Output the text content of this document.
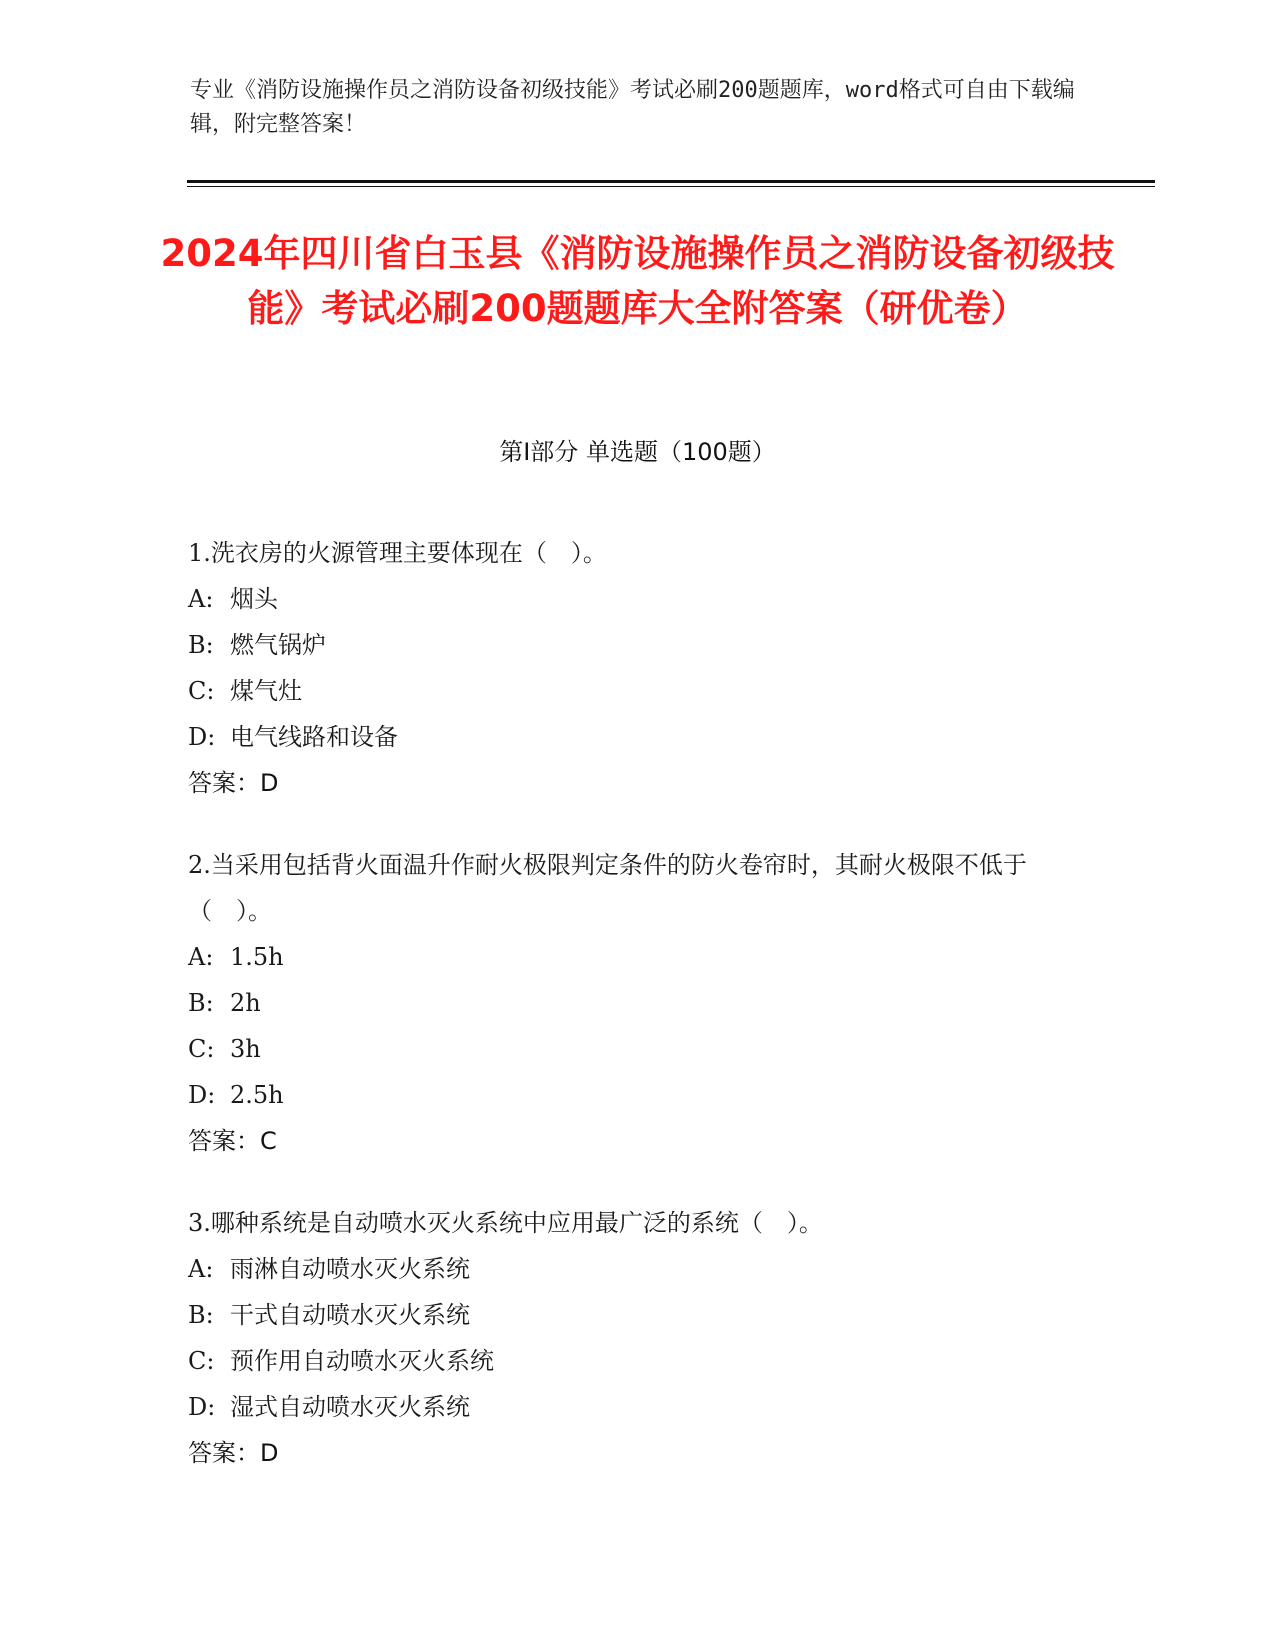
专业《消防设施操作员之消防设备初级技能》考试必刷200题题库，word格式可自由下载编辑，附完整答案！
2024年四川省白玉县《消防设施操作员之消防设备初级技能》考试必刷200题题库大全附答案（研优卷）
第Ⅰ部分 单选题（100题）
1.洗衣房的火源管理主要体现在（　）。
A: 烟头
B: 燃气锅炉
C: 煤气灶
D: 电气线路和设备
答案：D
2.当采用包括背火面温升作耐火极限判定条件的防火卷帘时，其耐火极限不低于（　）。
A: 1.5h
B: 2h
C: 3h
D: 2.5h
答案：C
3.哪种系统是自动喷水灭火系统中应用最广泛的系统（　）。
A: 雨淋自动喷水灭火系统
B: 干式自动喷水灭火系统
C: 预作用自动喷水灭火系统
D: 湿式自动喷水灭火系统
答案：D
